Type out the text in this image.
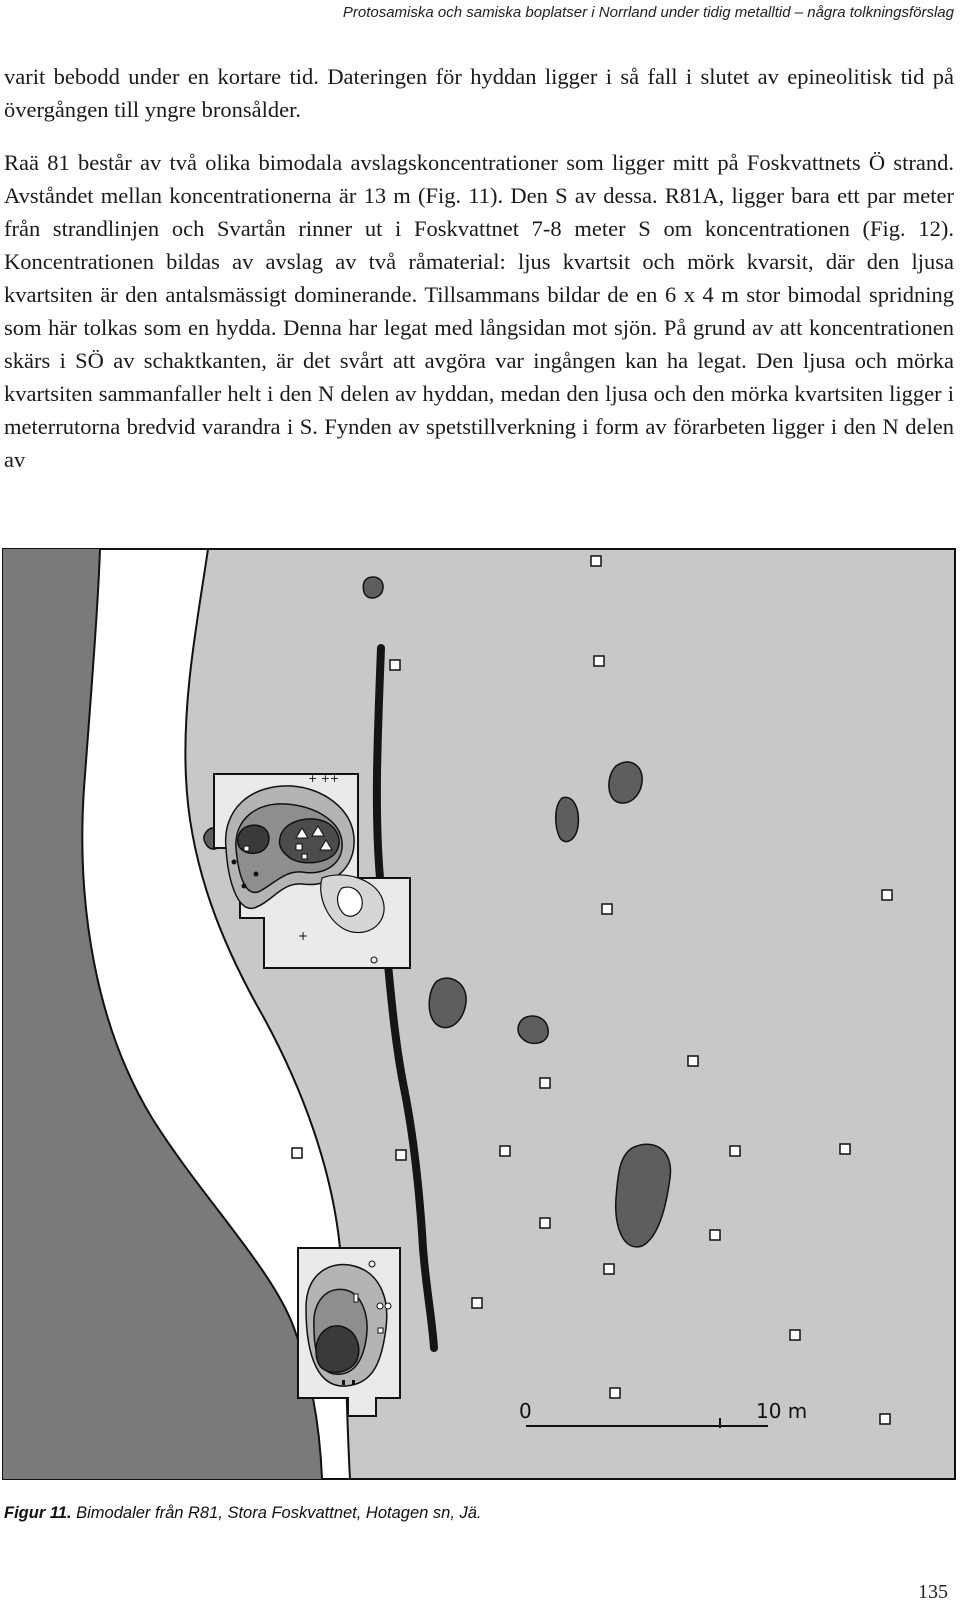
Protosamiska och samiska boplatser i Norrland under tidig metalltid – några tolkningsförslag

varit bebodd under en kortare tid. Dateringen för hyddan ligger i så fall i slutet av epineolitisk tid på övergången till yngre bronsålder.

Raä 81 består av två olika bimodala avslagskoncentrationer som ligger mitt på Foskvattnets Ö strand. Avståndet mellan koncentrationerna är 13 m (Fig. 11). Den S av dessa. R81A, ligger bara ett par meter från strandlinjen och Svartån rinner ut i Foskvattnet 7-8 meter S om koncentrationen (Fig. 12). Koncentrationen bildas av avslag av två råmaterial: ljus kvartsit och mörk kvarsit, där den ljusa kvartsiten är den antalsmässigt dominerande. Tillsammans bildar de en 6 x 4 m stor bimodal spridning som här tolkas som en hydda. Denna har legat med långsidan mot sjön. På grund av att koncentrationen skärs i SÖ av schaktkanten, är det svårt att avgöra var ingången kan ha legat. Den ljusa och mörka kvartsiten sammanfaller helt i den N delen av hyddan, medan den ljusa och den mörka kvartsiten ligger i meterrutorna bredvid varandra i S. Fynden av spetstillverkning i form av förarbeten ligger i den N delen av

+ ++
+
0	10 m
Figur 11. Bimodaler från R81, Stora Foskvattnet, Hotagen sn, Jä.
135
